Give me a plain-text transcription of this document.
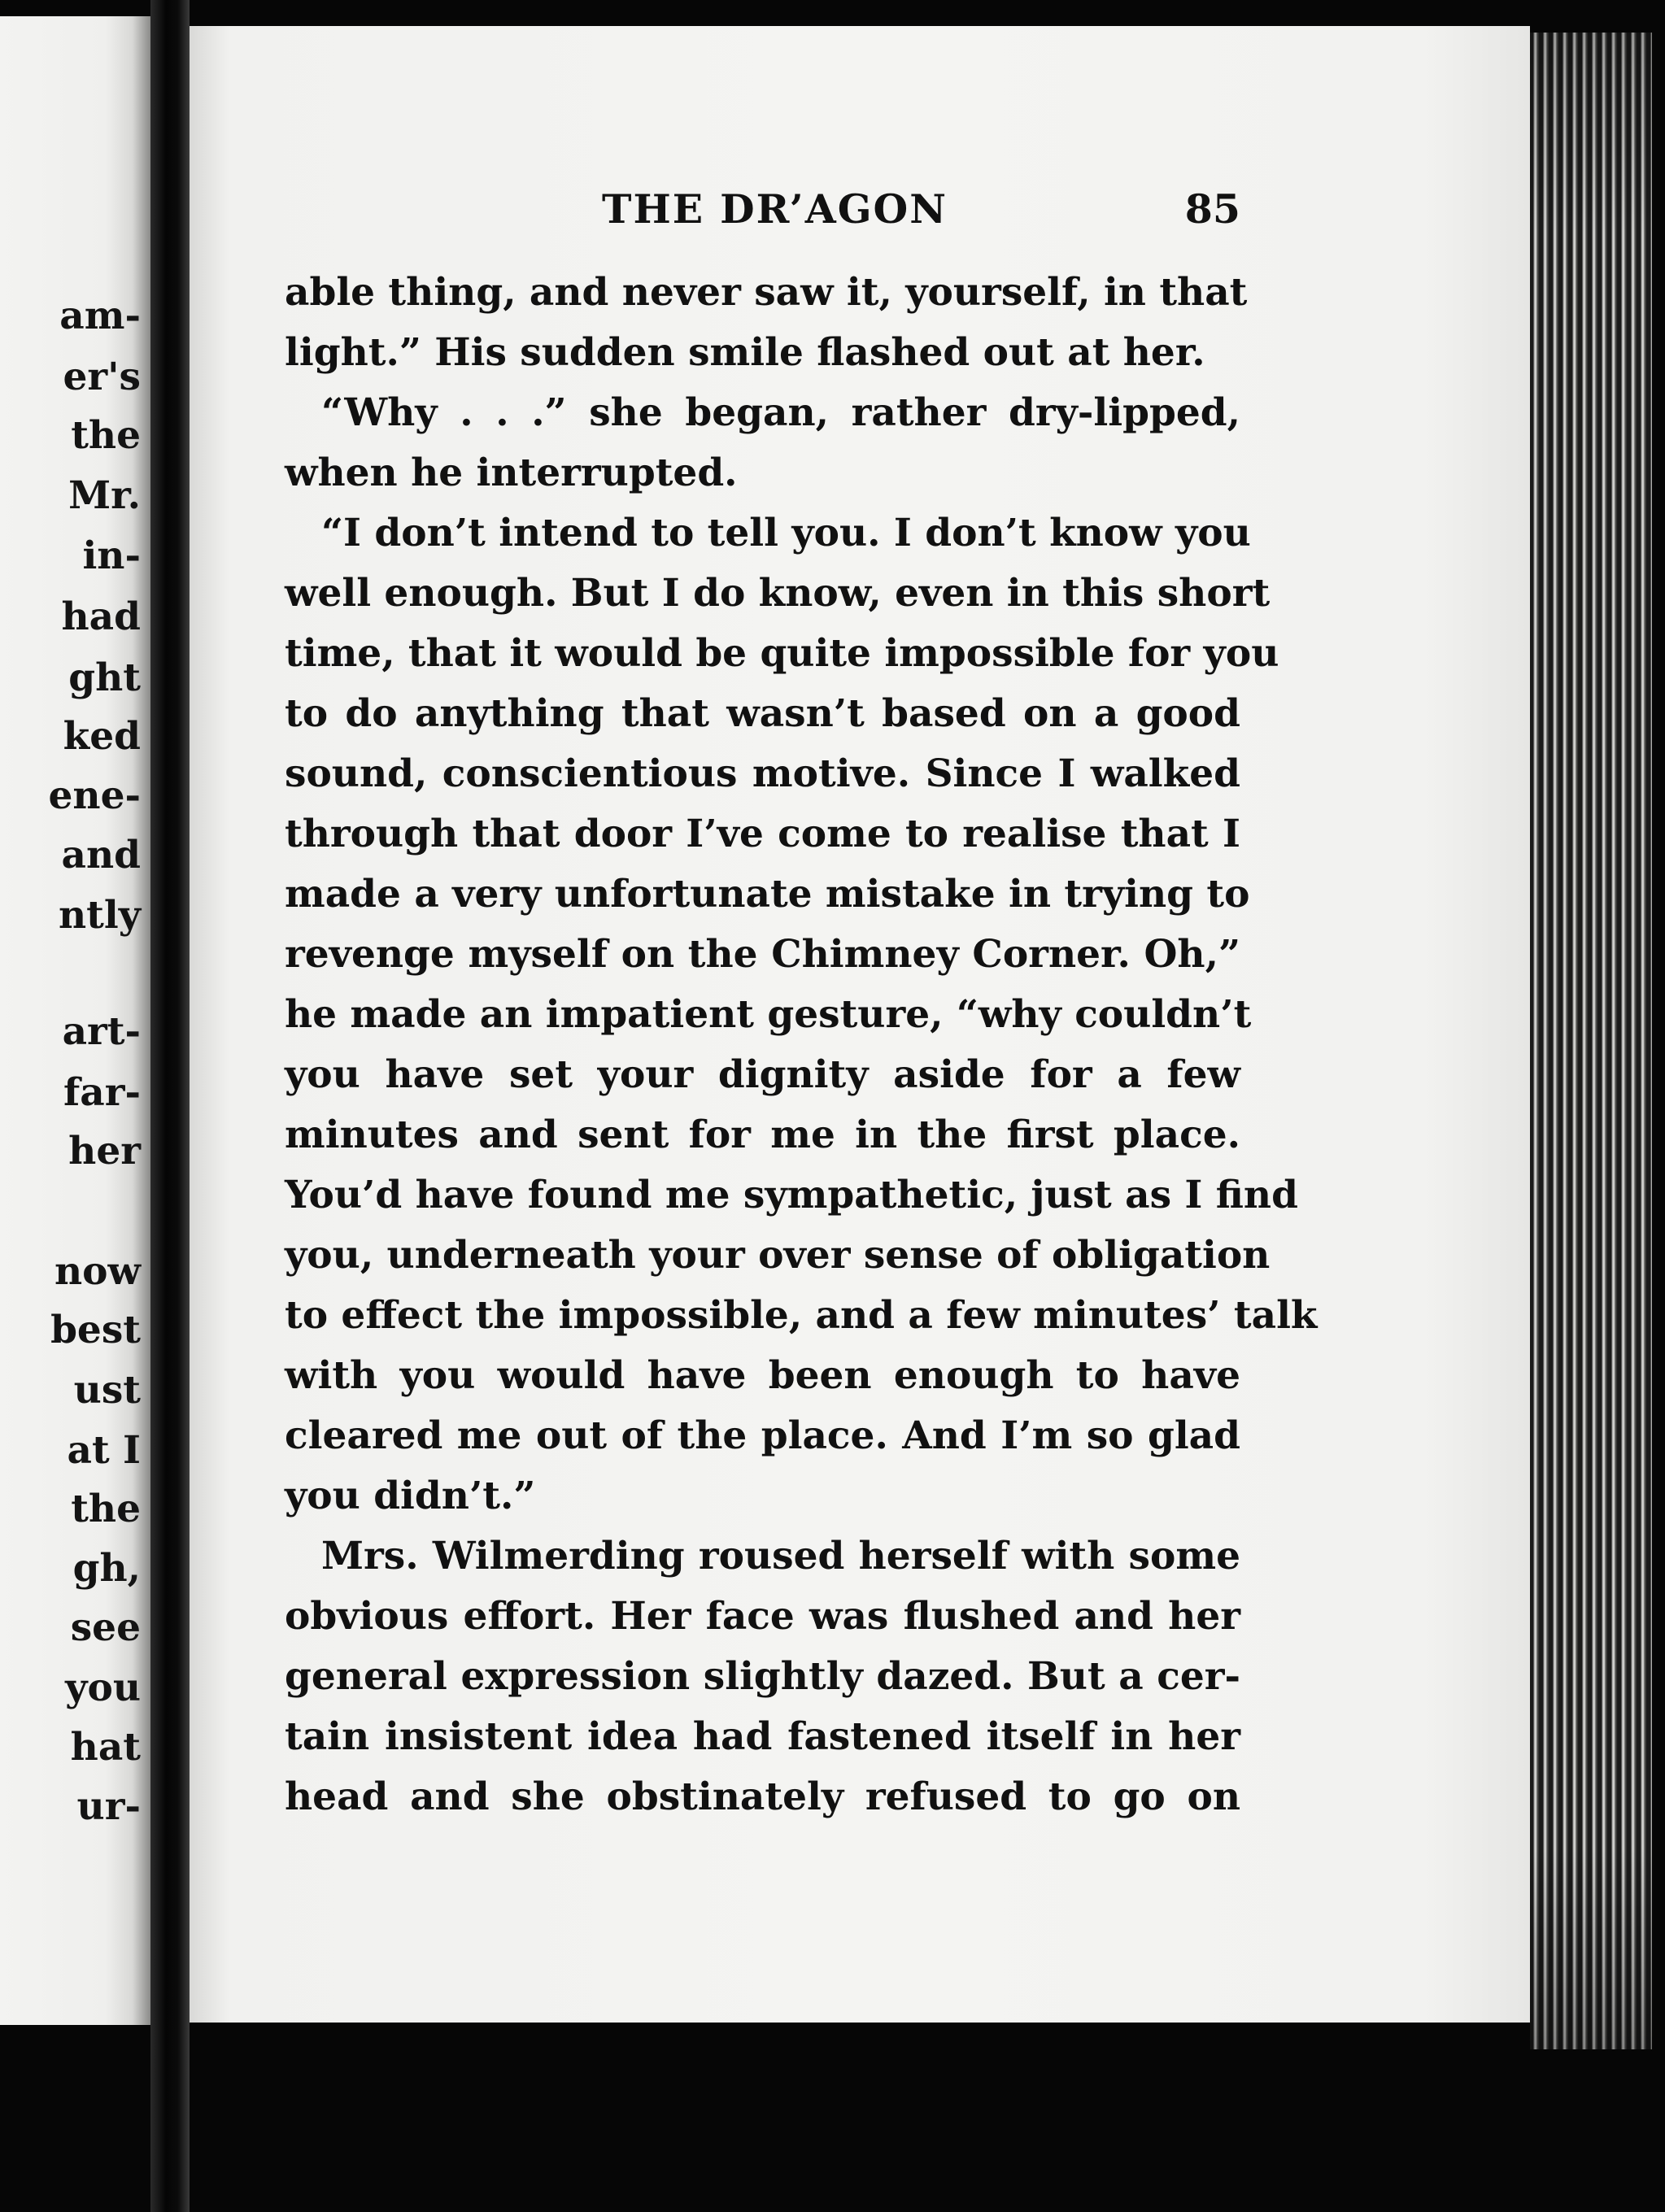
am-
er's
the
Mr.
in-
had
ght
ked
ene-
and
ntly
art-
far-
her
now
best
ust
at I
the
gh,
see
you
hat
ur-
THE DR’AGON	85
able thing, and never saw it, yourself, in that
light.” His sudden smile flashed out at her.
“Why . . .” she began, rather dry-lipped,
when he interrupted.
“I don’t intend to tell you. I don’t know you
well enough. But I do know, even in this short
time, that it would be quite impossible for you
to do anything that wasn’t based on a good
sound, conscientious motive. Since I walked
through that door I’ve come to realise that I
made a very unfortunate mistake in trying to
revenge myself on the Chimney Corner. Oh,”
he made an impatient gesture, “why couldn’t
you have set your dignity aside for a few
minutes and sent for me in the first place.
You’d have found me sympathetic, just as I find
you, underneath your over sense of obligation
to effect the impossible, and a few minutes’ talk
with you would have been enough to have
cleared me out of the place. And I’m so glad
you didn’t.”
Mrs. Wilmerding roused herself with some
obvious effort. Her face was flushed and her
general expression slightly dazed. But a cer-
tain insistent idea had fastened itself in her
head and she obstinately refused to go on
